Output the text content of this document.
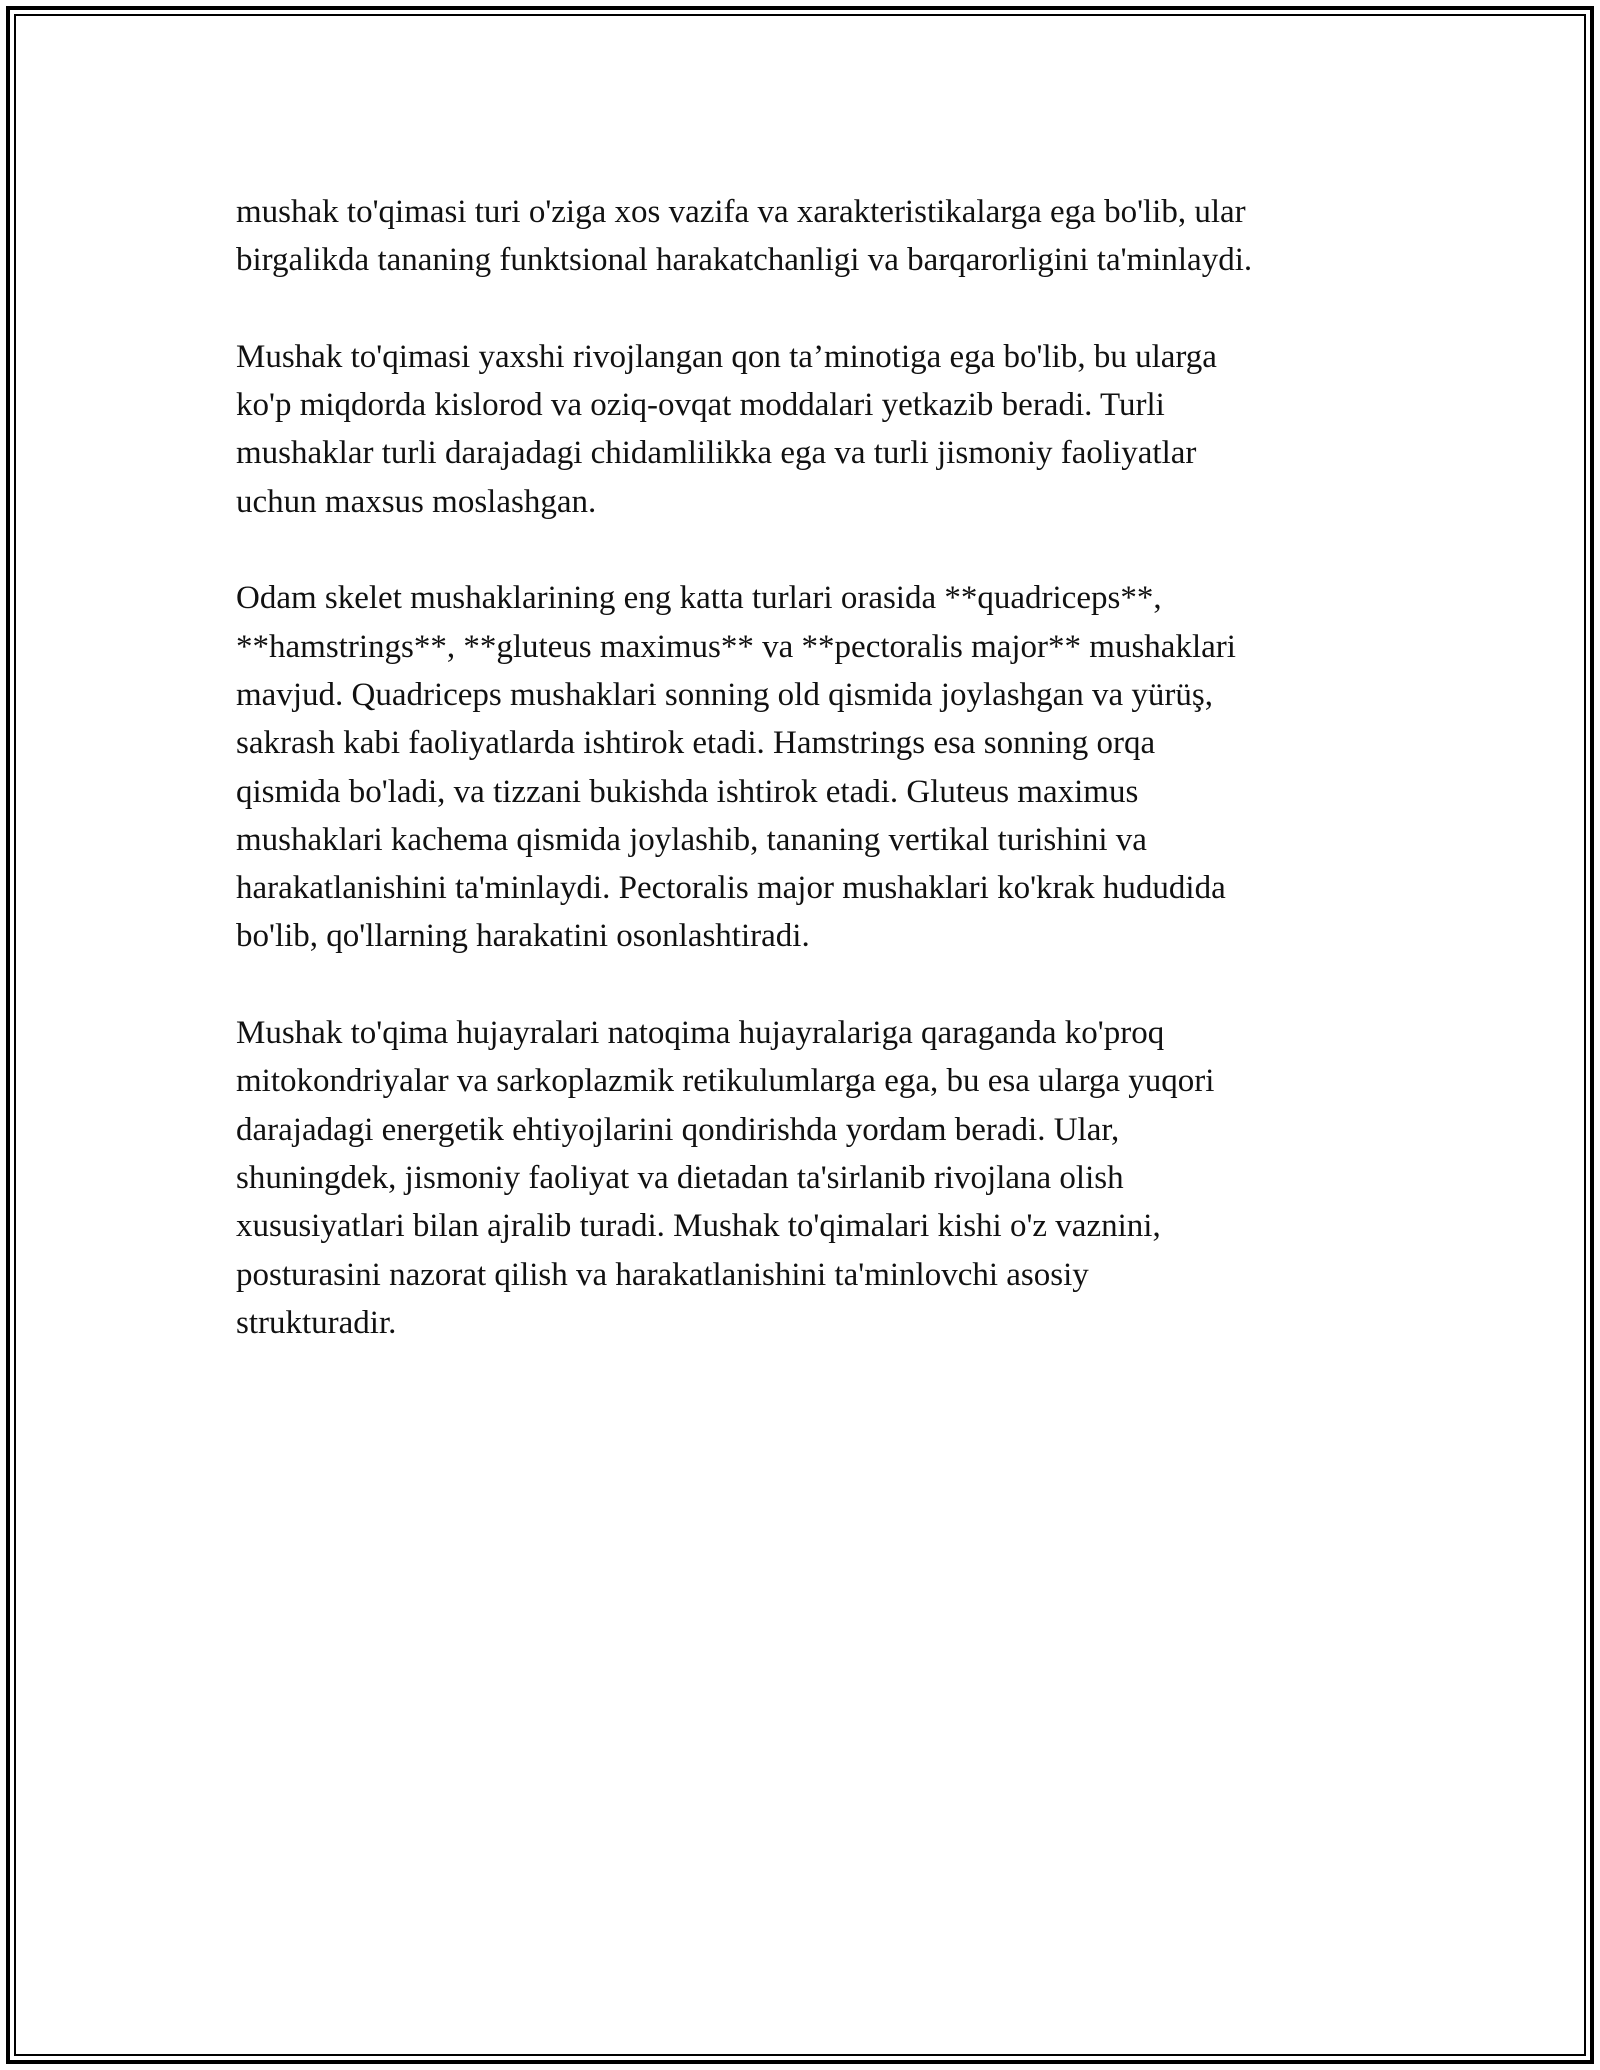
mushak to'qimasi turi o'ziga xos vazifa va xarakteristikalarga ega bo'lib, ular
birgalikda tananing funktsional harakatchanligi va barqarorligini ta'minlaydi.

Mushak to'qimasi yaxshi rivojlangan qon ta’minotiga ega bo'lib, bu ularga
ko'p miqdorda kislorod va oziq-ovqat moddalari yetkazib beradi. Turli
mushaklar turli darajadagi chidamlilikka ega va turli jismoniy faoliyatlar
uchun maxsus moslashgan.

Odam skelet mushaklarining eng katta turlari orasida **quadriceps**,
**hamstrings**, **gluteus maximus** va **pectoralis major** mushaklari
mavjud. Quadriceps mushaklari sonning old qismida joylashgan va yürüş,
sakrash kabi faoliyatlarda ishtirok etadi. Hamstrings esa sonning orqa
qismida bo'ladi, va tizzani bukishda ishtirok etadi. Gluteus maximus
mushaklari kachema qismida joylashib, tananing vertikal turishini va
harakatlanishini ta'minlaydi. Pectoralis major mushaklari ko'krak hududida
bo'lib, qo'llarning harakatini osonlashtiradi.

Mushak to'qima hujayralari natoqima hujayralariga qaraganda ko'proq
mitokondriyalar va sarkoplazmik retikulumlarga ega, bu esa ularga yuqori
darajadagi energetik ehtiyojlarini qondirishda yordam beradi. Ular,
shuningdek, jismoniy faoliyat va dietadan ta'sirlanib rivojlana olish
xususiyatlari bilan ajralib turadi. Mushak to'qimalari kishi o'z vaznini,
posturasini nazorat qilish va harakatlanishini ta'minlovchi asosiy
strukturadir.
